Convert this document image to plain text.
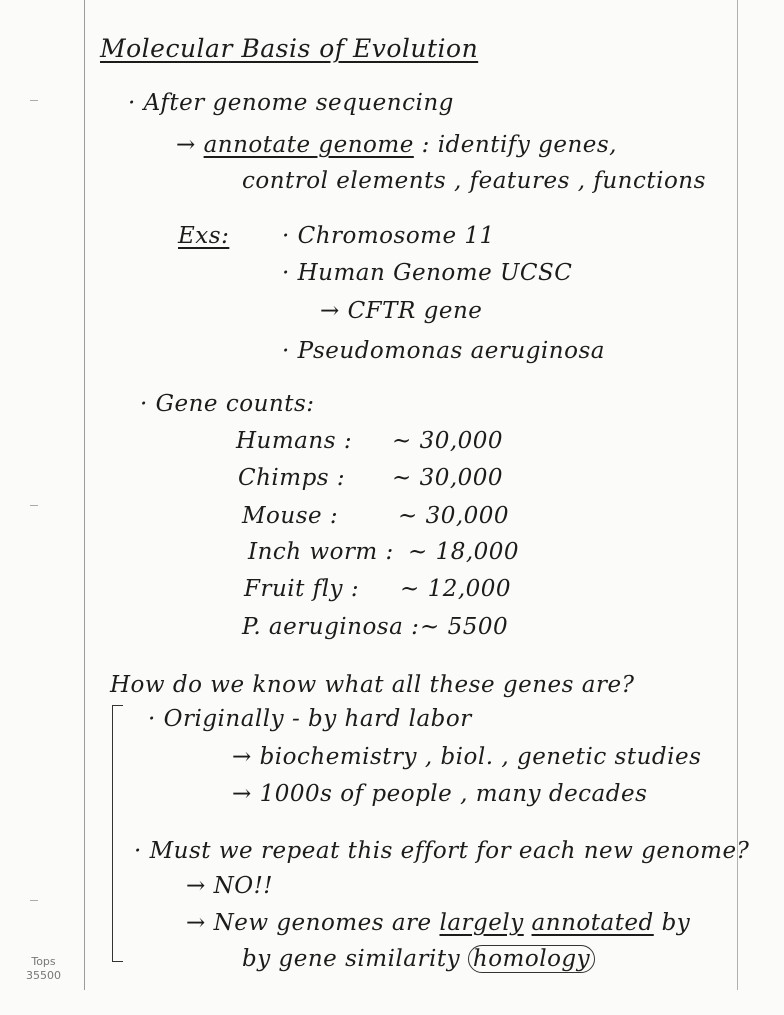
Molecular Basis of Evolution
· After genome sequencing
→ annotate genome : identify genes,
control elements , features , functions
Exs: · Chromosome 11
· Human Genome UCSC
→ CFTR gene
· Pseudomonas aeruginosa
· Gene counts:
Humans : ~ 30,000
Chimps : ~ 30,000
Mouse :	~ 30,000
Inch worm : ~ 18,000
Fruit fly : ~ 12,000
P. aeruginosa : ~ 5500
How do we know what all these genes are?
· Originally - by hard labor
→ biochemistry , biol. , genetic studies
→ 1000s of people , many decades
· Must we repeat this effort for each new genome?
→ NO!!
→ New genomes are largely annotated by
by gene similarity homology
Tops
35500
